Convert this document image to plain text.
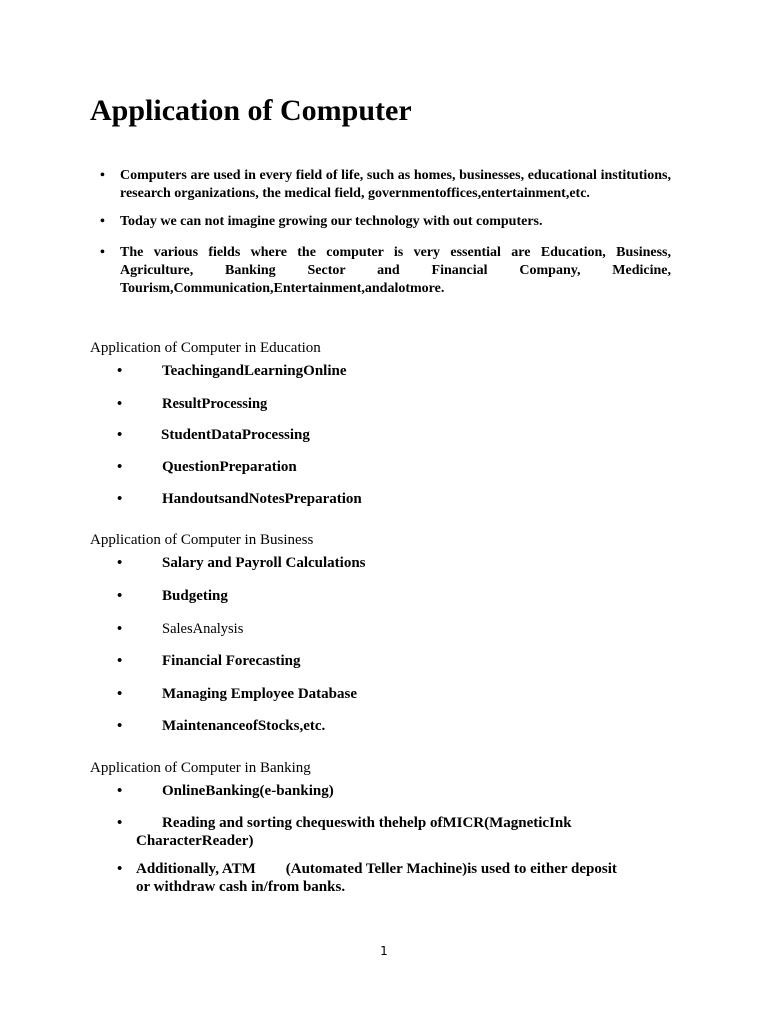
Application of Computer
• Computers are used in every field of life, such as homes, businesses, educational institutions, research organizations, the medical field, governmentoffices,entertainment,etc.
• Today we can not imagine growing our technology with out computers.
• The various fields where the computer is very essential are Education, Business, Agriculture, Banking Sector and Financial Company, Medicine, Tourism,Communication,Entertainment,andalotmore.
Application of Computer in Education
•	TeachingandLearningOnline
•	ResultProcessing
•	StudentDataProcessing
•	QuestionPreparation
•	HandoutsandNotesPreparation
Application of Computer in Business
•	Salary and Payroll Calculations
•	Budgeting
•	SalesAnalysis
•	Financial Forecasting
•	Managing Employee Database
•	MaintenanceofStocks,etc.
Application of Computer in Banking
•	OnlineBanking(e-banking)
•	Reading and sorting chequeswith thehelp ofMICR(MagneticInk CharacterReader)
• Additionally, ATM (Automated Teller Machine)is used to either deposit or withdraw cash in/from banks.
1
